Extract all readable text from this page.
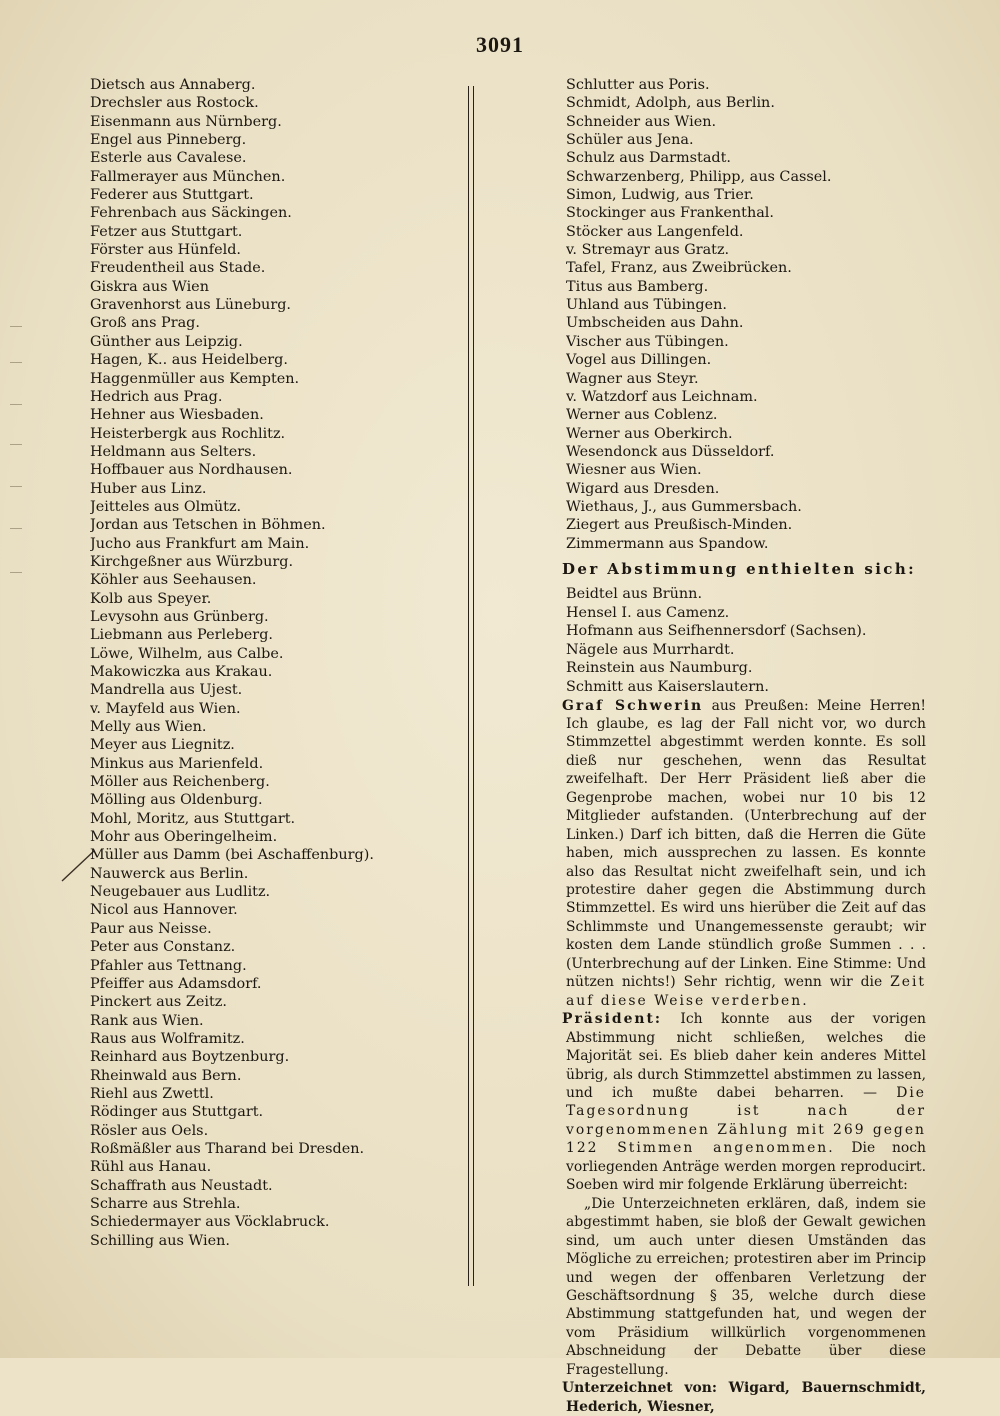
3091
Dietsch aus Annaberg.
Drechsler aus Rostock.
Eisenmann aus Nürnberg.
Engel aus Pinneberg.
Esterle aus Cavalese.
Fallmerayer aus München.
Federer aus Stuttgart.
Fehrenbach aus Säckingen.
Fetzer aus Stuttgart.
Förster aus Hünfeld.
Freudentheil aus Stade.
Giskra aus Wien
Gravenhorst aus Lüneburg.
Groß ans Prag.
Günther aus Leipzig.
Hagen, K.. aus Heidelberg.
Haggenmüller aus Kempten.
Hedrich aus Prag.
Hehner aus Wiesbaden.
Heisterbergk aus Rochlitz.
Heldmann aus Selters.
Hoffbauer aus Nordhausen.
Huber aus Linz.
Jeitteles aus Olmütz.
Jordan aus Tetschen in Böhmen.
Jucho aus Frankfurt am Main.
Kirchgeßner aus Würzburg.
Köhler aus Seehausen.
Kolb aus Speyer.
Levysohn aus Grünberg.
Liebmann aus Perleberg.
Löwe, Wilhelm, aus Calbe.
Makowiczka aus Krakau.
Mandrella aus Ujest.
v. Mayfeld aus Wien.
Melly aus Wien.
Meyer aus Liegnitz.
Minkus aus Marienfeld.
Möller aus Reichenberg.
Mölling aus Oldenburg.
Mohl, Moritz, aus Stuttgart.
Mohr aus Oberingelheim.
Müller aus Damm (bei Aschaffenburg).
Nauwerck aus Berlin.
Neugebauer aus Ludlitz.
Nicol aus Hannover.
Paur aus Neisse.
Peter aus Constanz.
Pfahler aus Tettnang.
Pfeiffer aus Adamsdorf.
Pinckert aus Zeitz.
Rank aus Wien.
Raus aus Wolframitz.
Reinhard aus Boytzenburg.
Rheinwald aus Bern.
Riehl aus Zwettl.
Rödinger aus Stuttgart.
Rösler aus Oels.
Roßmäßler aus Tharand bei Dresden.
Rühl aus Hanau.
Schaffrath aus Neustadt.
Scharre aus Strehla.
Schiedermayer aus Vöcklabruck.
Schilling aus Wien.
Schlutter aus Poris.
Schmidt, Adolph, aus Berlin.
Schneider aus Wien.
Schüler aus Jena.
Schulz aus Darmstadt.
Schwarzenberg, Philipp, aus Cassel.
Simon, Ludwig, aus Trier.
Stockinger aus Frankenthal.
Stöcker aus Langenfeld.
v. Stremayr aus Gratz.
Tafel, Franz, aus Zweibrücken.
Titus aus Bamberg.
Uhland aus Tübingen.
Umbscheiden aus Dahn.
Vischer aus Tübingen.
Vogel aus Dillingen.
Wagner aus Steyr.
v. Watzdorf aus Leichnam.
Werner aus Coblenz.
Werner aus Oberkirch.
Wesendonck aus Düsseldorf.
Wiesner aus Wien.
Wigard aus Dresden.
Wiethaus, J., aus Gummersbach.
Ziegert aus Preußisch-Minden.
Zimmermann aus Spandow.
Der Abstimmung enthielten sich:
Beidtel aus Brünn.
Hensel I. aus Camenz.
Hofmann aus Seifhennersdorf (Sachsen).
Nägele aus Murrhardt.
Reinstein aus Naumburg.
Schmitt aus Kaiserslautern.

Graf Schwerin aus Preußen: Meine Herren! Ich glaube, es lag der Fall nicht vor, wo durch Stimmzettel abgestimmt werden konnte. Es soll dieß nur geschehen, wenn das Resultat zweifelhaft. Der Herr Präsident ließ aber die Gegenprobe machen, wobei nur 10 bis 12 Mitglieder aufstanden. (Unterbrechung auf der Linken.) Darf ich bitten, daß die Herren die Güte haben, mich aussprechen zu lassen. Es konnte also das Resultat nicht zweifelhaft sein, und ich protestire daher gegen die Abstimmung durch Stimmzettel. Es wird uns hierüber die Zeit auf das Schlimmste und Unangemessenste geraubt; wir kosten dem Lande stündlich große Summen . . . (Unterbrechung auf der Linken. Eine Stimme: Und nützen nichts!) Sehr richtig, wenn wir die Zeit auf diese Weise verderben.

Präsident: Ich konnte aus der vorigen Abstimmung nicht schließen, welches die Majorität sei. Es blieb daher kein anderes Mittel übrig, als durch Stimmzettel abstimmen zu lassen, und ich mußte dabei beharren. — Die Tagesordnung ist nach der vorgenommenen Zählung mit 269 gegen 122 Stimmen angenommen. Die noch vorliegenden Anträge werden morgen reproducirt. Soeben wird mir folgende Erklärung überreicht:

„Die Unterzeichneten erklären, daß, indem sie abgestimmt haben, sie bloß der Gewalt gewichen sind, um auch unter diesen Umständen das Mögliche zu erreichen; protestiren aber im Princip und wegen der offenbaren Verletzung der Geschäftsordnung § 35, welche durch diese Abstimmung stattgefunden hat, und wegen der vom Präsidium willkürlich vorgenommenen Abschneidung der Debatte über diese Fragestellung.

Unterzeichnet von: Wigard, Bauernschmidt, Hederich, Wiesner,
